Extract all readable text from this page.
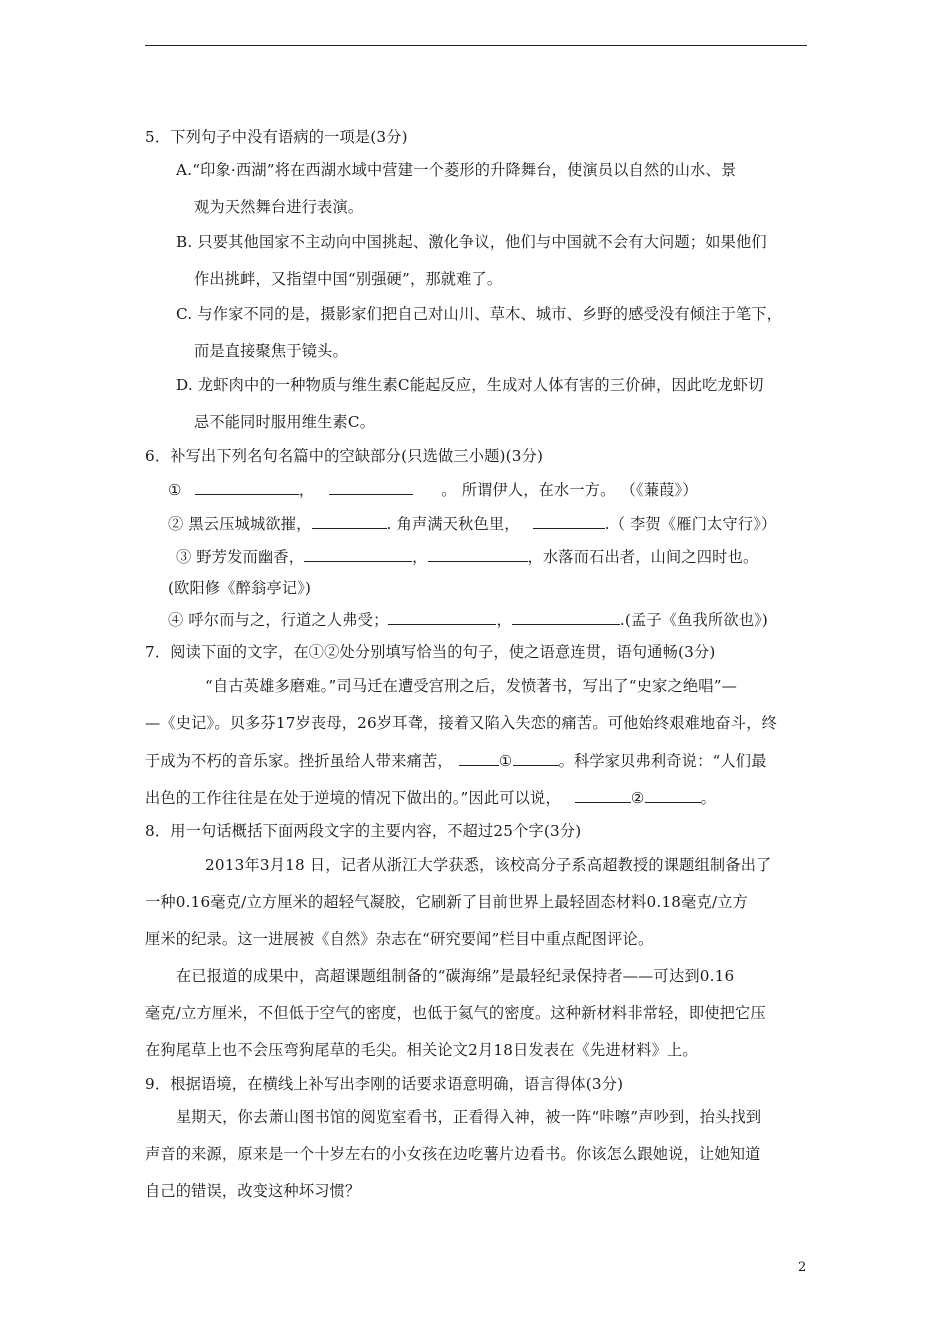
5．下列句子中没有语病的一项是(3分)
A.“印象·西湖”将在西湖水域中营建一个菱形的升降舞台，使演员以自然的山水、景
观为天然舞台进行表演。
B. 只要其他国家不主动向中国挑起、激化争议，他们与中国就不会有大问题；如果他们
作出挑衅，又指望中国“别强硬”，那就难了。
C. 与作家不同的是，摄影家们把自己对山川、草木、城市、乡野的感受没有倾注于笔下，
而是直接聚焦于镜头。
D. 龙虾肉中的一种物质与维生素C能起反应，生成对人体有害的三价砷，因此吃龙虾切
忌不能同时服用维生素C。
6．补写出下列名句名篇中的空缺部分(只选做三小题)(3分)
①	，	。 所谓伊人，在水一方。 （《蒹葭》）
② 黑云压城城欲摧，	. 角声满天秋色里，	.（ 李贺《雁门太守行》）
③ 野芳发而幽香，	，	，水落而石出者，山间之四时也。
(欧阳修《醉翁亭记》)
④ 呼尔而与之，行道之人弗受；	，	.(孟子《鱼我所欲也》)
7．阅读下面的文字，在①②处分别填写恰当的句子，使之语意连贯，语句通畅(3分)
“自古英雄多磨难。”司马迁在遭受宫刑之后，发愤著书，写出了“史家之绝唱”—
—《史记》。贝多芬17岁丧母，26岁耳聋，接着又陷入失恋的痛苦。可他始终艰难地奋斗，终
于成为不朽的音乐家。挫折虽给人带来痛苦，	①	。科学家贝弗利奇说：“人们最
出色的工作往往是在处于逆境的情况下做出的。”因此可以说，	②	。
8．用一句话概括下面两段文字的主要内容，不超过25个字(3分)
2013年3月18 日，记者从浙江大学获悉，该校高分子系高超教授的课题组制备出了
一种0.16毫克/立方厘米的超轻气凝胶，它刷新了目前世界上最轻固态材料0.18毫克/立方
厘米的纪录。这一进展被《自然》杂志在“研究要闻”栏目中重点配图评论。
在已报道的成果中，高超课题组制备的“碳海绵”是最轻纪录保持者——可达到0.16
毫克/立方厘米，不但低于空气的密度，也低于氦气的密度。这种新材料非常轻，即使把它压
在狗尾草上也不会压弯狗尾草的毛尖。相关论文2月18日发表在《先进材料》上。
9．根据语境，在横线上补写出李刚的话要求语意明确，语言得体(3分)
星期天，你去萧山图书馆的阅览室看书，正看得入神，被一阵“咔嚓”声吵到，抬头找到
声音的来源，原来是一个十岁左右的小女孩在边吃薯片边看书。你该怎么跟她说，让她知道
自己的错误，改变这种坏习惯？
2
